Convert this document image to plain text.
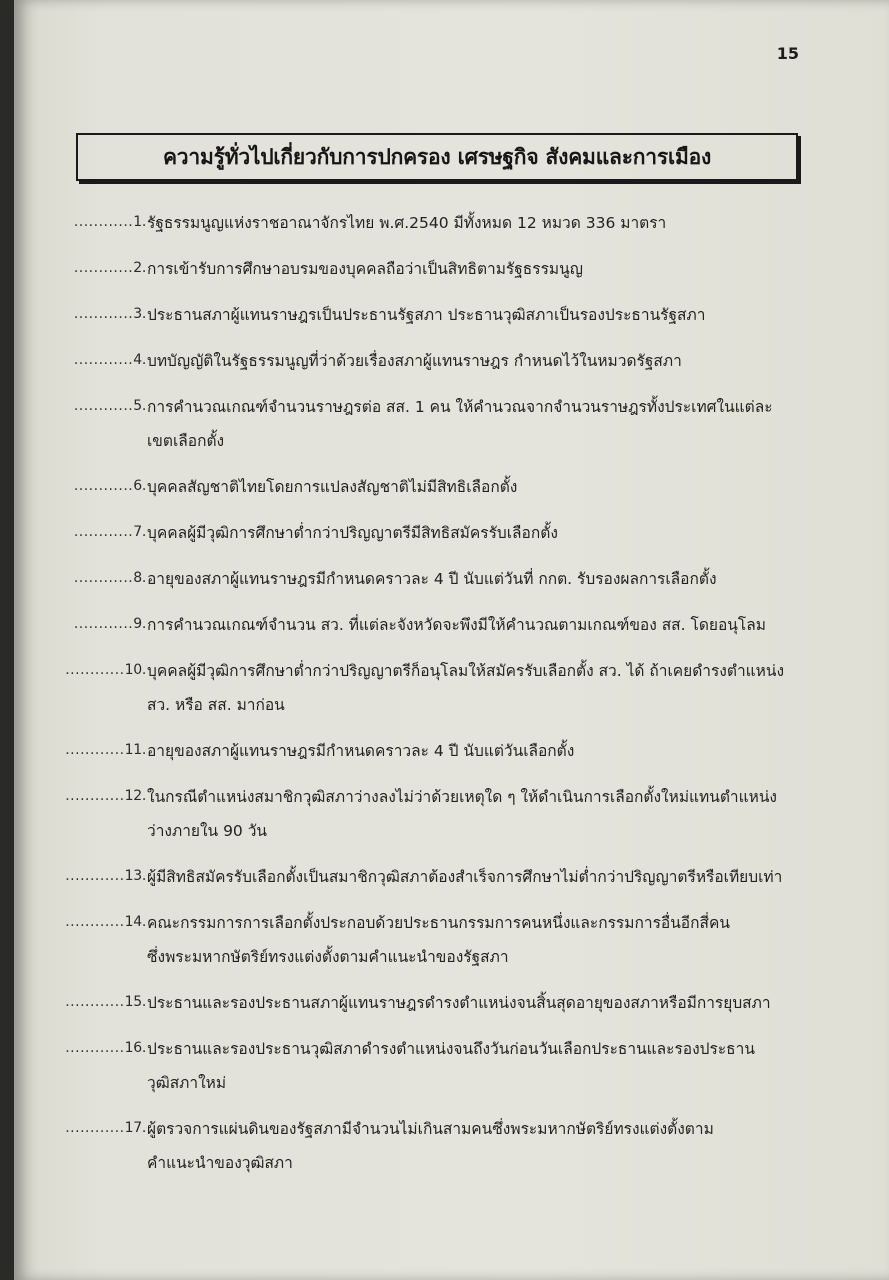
15
ความรู้ทั่วไปเกี่ยวกับการปกครอง เศรษฐกิจ สังคมและการเมือง
............1. รัฐธรรมนูญแห่งราชอาณาจักรไทย พ.ศ.2540 มีทั้งหมด 12 หมวด 336 มาตรา
............2. การเข้ารับการศึกษาอบรมของบุคคลถือว่าเป็นสิทธิตามรัฐธรรมนูญ
............3. ประธานสภาผู้แทนราษฎรเป็นประธานรัฐสภา ประธานวุฒิสภาเป็นรองประธานรัฐสภา
............4. บทบัญญัติในรัฐธรรมนูญที่ว่าด้วยเรื่องสภาผู้แทนราษฎร กำหนดไว้ในหมวดรัฐสภา
............5. การคำนวณเกณฑ์จำนวนราษฎรต่อ สส. 1 คน ให้คำนวณจากจำนวนราษฎรทั้งประเทศในแต่ละ
เขตเลือกตั้ง
............6. บุคคลสัญชาติไทยโดยการแปลงสัญชาติไม่มีสิทธิเลือกตั้ง
............7. บุคคลผู้มีวุฒิการศึกษาต่ำกว่าปริญญาตรีมีสิทธิสมัครรับเลือกตั้ง
............8. อายุของสภาผู้แทนราษฎรมีกำหนดคราวละ 4 ปี นับแต่วันที่ กกต. รับรองผลการเลือกตั้ง
............9. การคำนวณเกณฑ์จำนวน สว. ที่แต่ละจังหวัดจะพึงมีให้คำนวณตามเกณฑ์ของ สส. โดยอนุโลม
............10. บุคคลผู้มีวุฒิการศึกษาต่ำกว่าปริญญาตรีก็อนุโลมให้สมัครรับเลือกตั้ง สว. ได้ ถ้าเคยดำรงตำแหน่ง
สว. หรือ สส. มาก่อน
............11. อายุของสภาผู้แทนราษฎรมีกำหนดคราวละ 4 ปี นับแต่วันเลือกตั้ง
............12. ในกรณีตำแหน่งสมาชิกวุฒิสภาว่างลงไม่ว่าด้วยเหตุใด ๆ ให้ดำเนินการเลือกตั้งใหม่แทนตำแหน่ง
ว่างภายใน 90 วัน
............13. ผู้มีสิทธิสมัครรับเลือกตั้งเป็นสมาชิกวุฒิสภาต้องสำเร็จการศึกษาไม่ต่ำกว่าปริญญาตรีหรือเทียบเท่า
............14. คณะกรรมการการเลือกตั้งประกอบด้วยประธานกรรมการคนหนึ่งและกรรมการอื่นอีกสี่คน
ซึ่งพระมหากษัตริย์ทรงแต่งตั้งตามคำแนะนำของรัฐสภา
............15. ประธานและรองประธานสภาผู้แทนราษฎรดำรงตำแหน่งจนสิ้นสุดอายุของสภาหรือมีการยุบสภา
............16. ประธานและรองประธานวุฒิสภาดำรงตำแหน่งจนถึงวันก่อนวันเลือกประธานและรองประธาน
วุฒิสภาใหม่
............17. ผู้ตรวจการแผ่นดินของรัฐสภามีจำนวนไม่เกินสามคนซึ่งพระมหากษัตริย์ทรงแต่งตั้งตาม
คำแนะนำของวุฒิสภา
